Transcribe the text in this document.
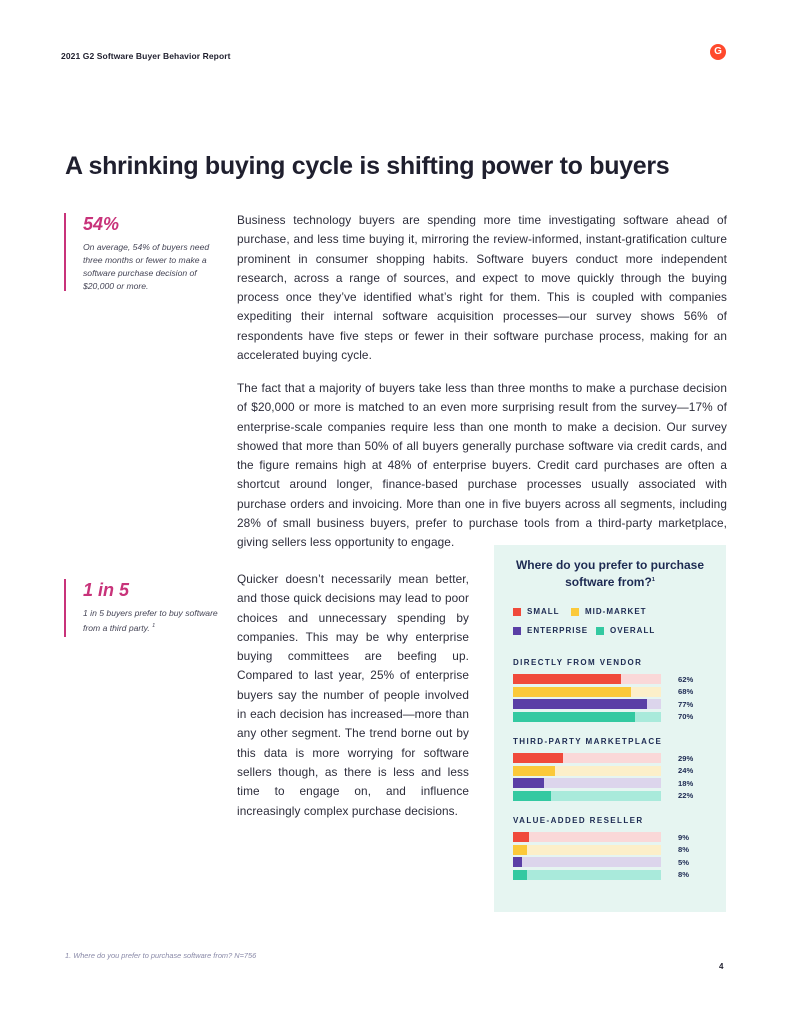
2021 G2 Software Buyer Behavior Report	G
A shrinking buying cycle is shifting power to buyers
54%
On average, 54% of buyers need three months or fewer to make a software purchase decision of $20,000 or more.
1 in 5
1 in 5 buyers prefer to buy software from a third party. $^1$
Business technology buyers are spending more time investigating software ahead of purchase, and less time buying it, mirroring the review-informed, instant-gratification culture prominent in consumer shopping habits. Software buyers conduct more independent research, across a range of sources, and expect to move quickly through the buying process once they’ve identified what’s right for them. This is coupled with companies expediting their internal software acquisition processes—our survey shows 56% of respondents have five steps or fewer in their software purchase process, making for an accelerated buying cycle.
The fact that a majority of buyers take less than three months to make a purchase decision of $20,000 or more is matched to an even more surprising result from the survey—17% of enterprise-scale companies require less than one month to make a decision. Our survey showed that more than 50% of all buyers generally purchase software via credit cards, and the figure remains high at 48% of enterprise buyers. Credit card purchases are often a shortcut around longer, finance-based purchase processes usually associated with purchase orders and invoicing. More than one in five buyers across all segments, including 28% of small business buyers, prefer to purchase tools from a third-party marketplace, giving sellers less opportunity to engage.
Quicker doesn’t necessarily mean better, and those quick decisions may lead to poor choices and unnecessary spending by companies. This may be why enterprise buying committees are beefing up. Compared to last year, 25% of enterprise buyers say the number of people involved in each decision has increased—more than any other segment. The trend borne out by this data is more worrying for software sellers though, as there is less and less time to engage on, and influence increasingly complex purchase decisions.
Where do you prefer to purchase software from?$^1$
SMALL	MID-MARKET
ENTERPRISE	OVERALL
DIRECTLY FROM VENDOR
62%
68%
77%
70%
THIRD-PARTY MARKETPLACE
29%
24%
18%
22%
VALUE-ADDED RESELLER
9%
8%
5%
8%
1. Where do you prefer to purchase software from? N=756
4
